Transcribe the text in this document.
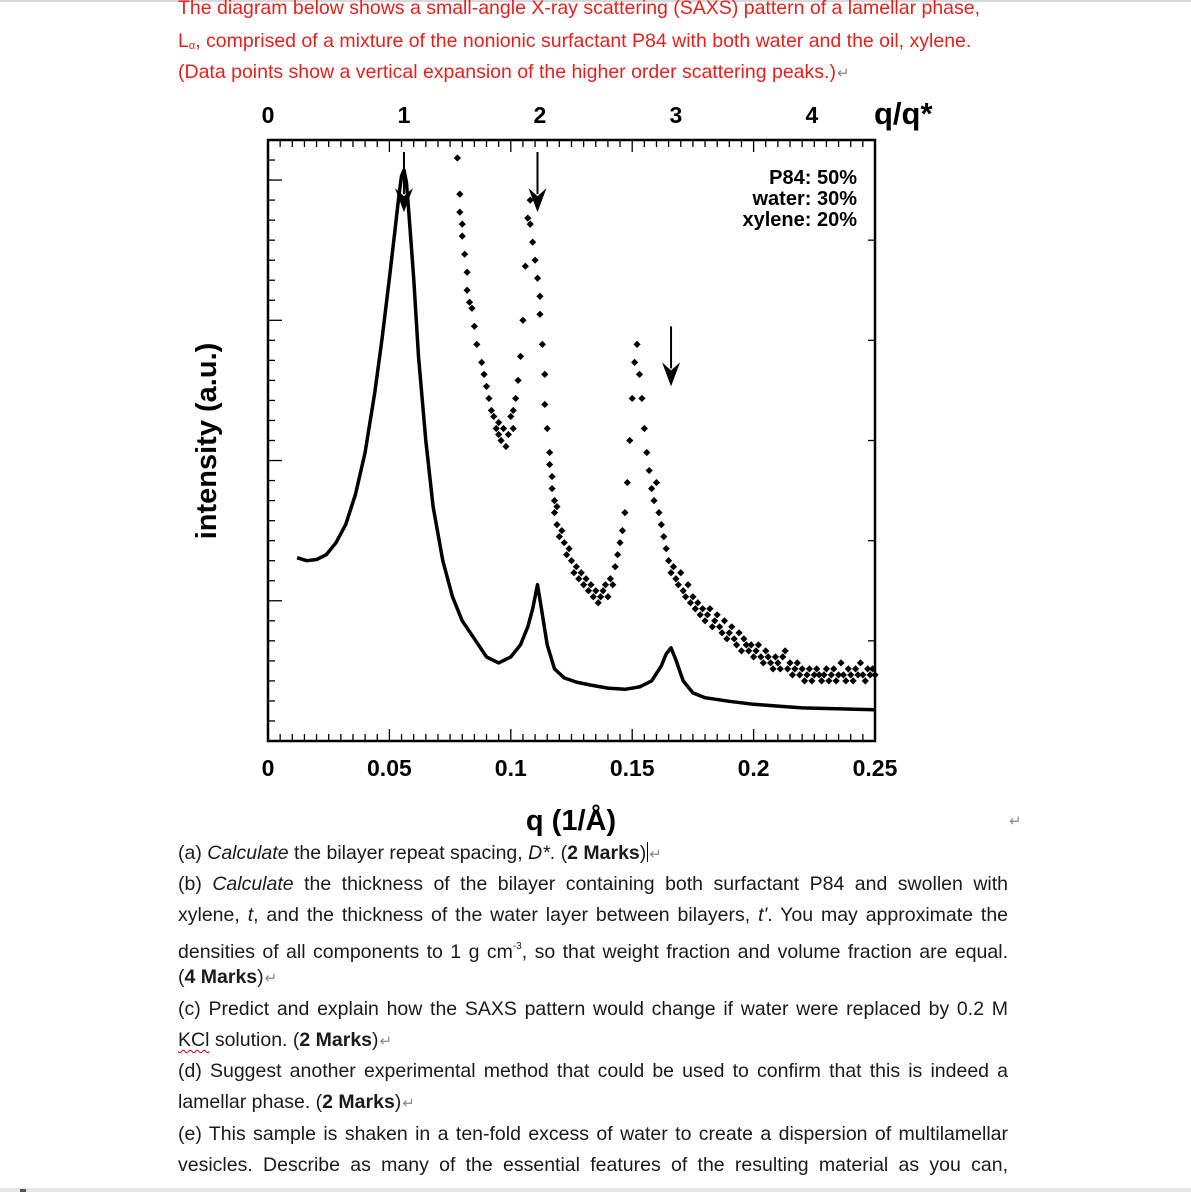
The diagram below shows a small-angle X-ray scattering (SAXS) pattern of a lamellar phase,

Lα, comprised of a mixture of the nonionic surfactant P84 with both water and the oil, xylene.

(Data points show a vertical expansion of the higher order scattering peaks.)↵

0	1	2	3	4 q/q*
0	0.05	0.1	0.15	0.2	0.25
q (1/Å)
intensity (a.u.)
P84: 50%
water: 30%
xylene: 20%

(a) Calculate the bilayer repeat spacing, D*. (2 Marks) ↵

↵

(b) Calculate the thickness of the bilayer containing both surfactant P84 and swollen with

xylene, t, and the thickness of the water layer between bilayers, t'. You may approximate the

densities of all components to 1 g $cm^{-3}$, so that weight fraction and volume fraction are equal.

(4 Marks)↵

(c) Predict and explain how the SAXS pattern would change if water were replaced by 0.2 M

KCl solution. (2 Marks)↵

(d) Suggest another experimental method that could be used to confirm that this is indeed a

lamellar phase. (2 Marks)↵

(e) This sample is shaken in a ten-fold excess of water to create a dispersion of multilamellar

vesicles. Describe as many of the essential features of the resulting material as you can,
